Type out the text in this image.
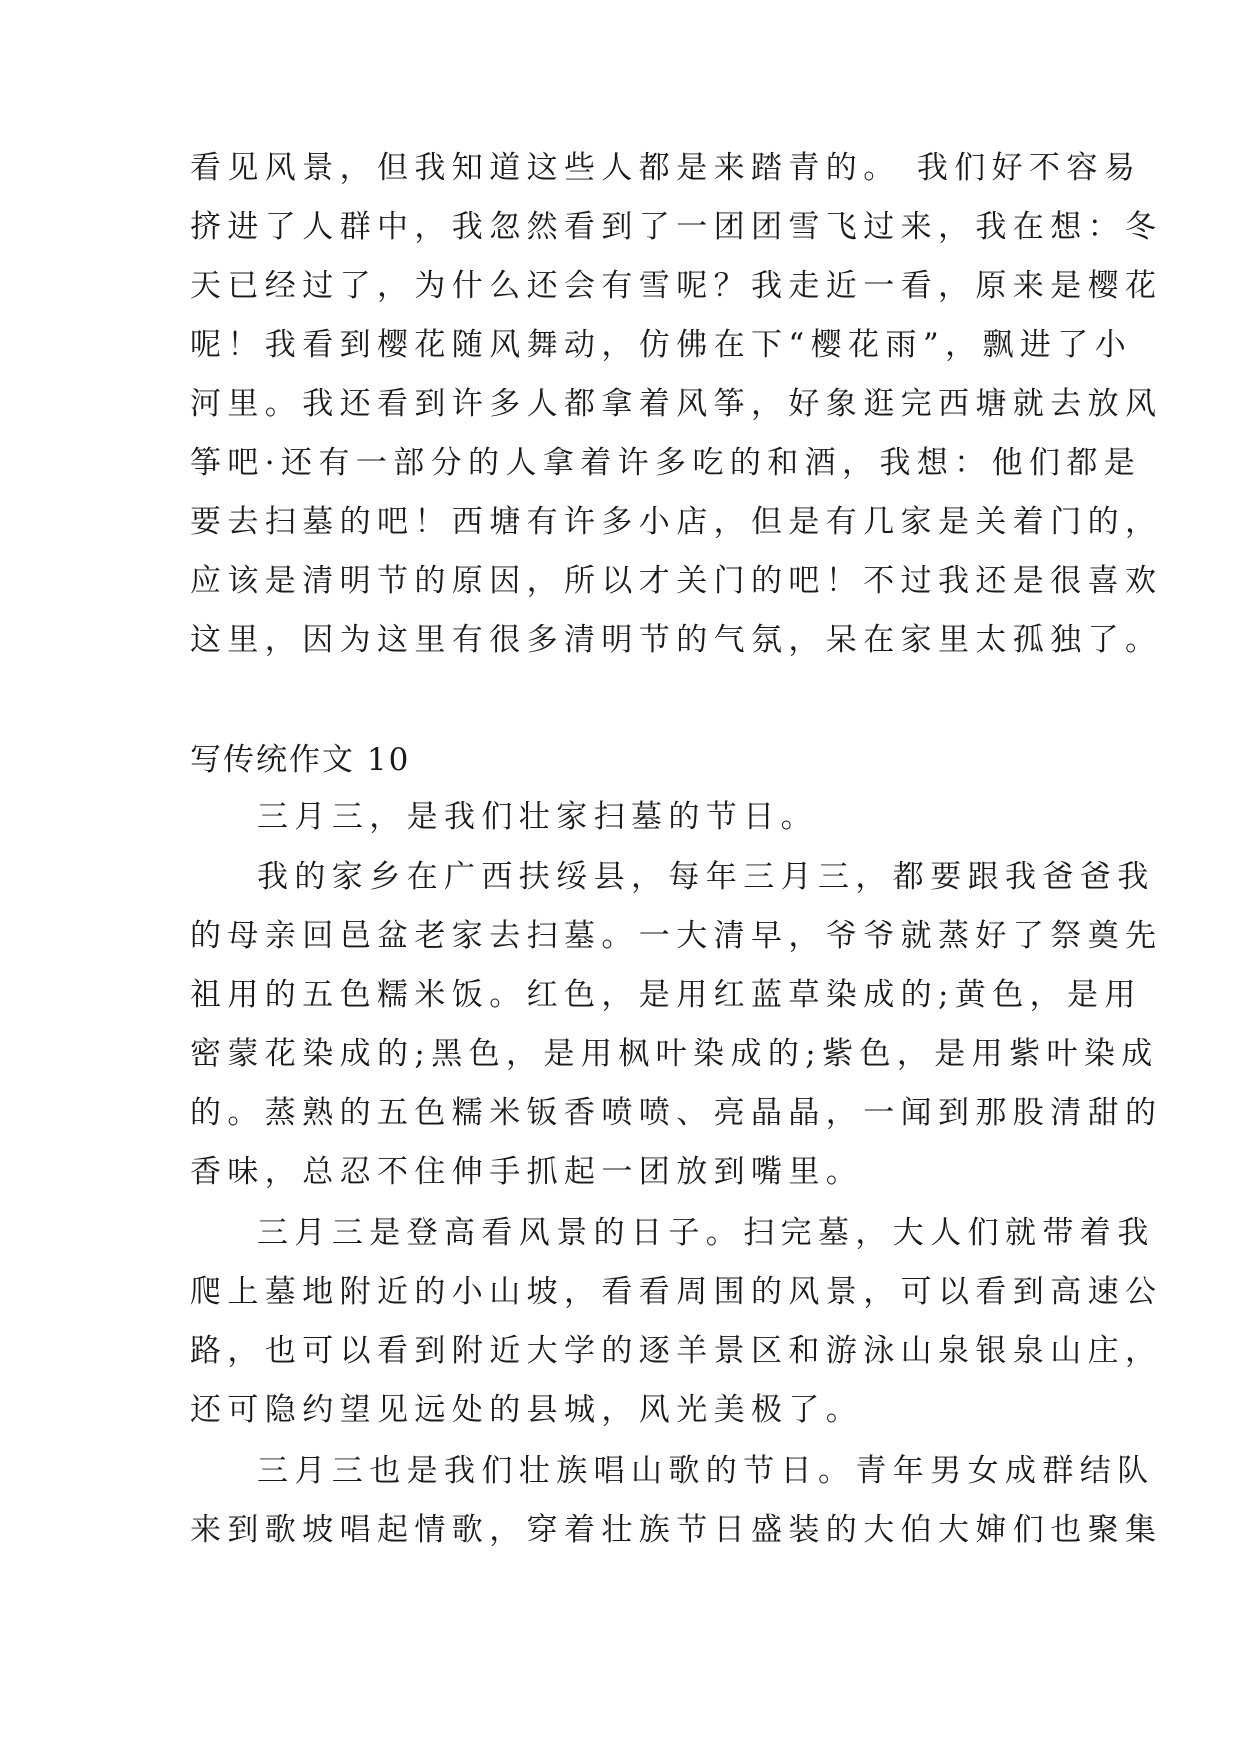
看见风景，但我知道这些人都是来踏青的。 我们好不容易

挤进了人群中，我忽然看到了一团团雪飞过来，我在想：冬

天已经过了，为什么还会有雪呢？我走近一看，原来是樱花

呢！我看到樱花随风舞动，仿佛在下“樱花雨”，飘进了小

河里。我还看到许多人都拿着风筝，好象逛完西塘就去放风

筝吧·还有一部分的人拿着许多吃的和酒，我想：他们都是

要去扫墓的吧！西塘有许多小店，但是有几家是关着门的，

应该是清明节的原因，所以才关门的吧！不过我还是很喜欢

这里，因为这里有很多清明节的气氛，呆在家里太孤独了。

写传统作文 10

三月三，是我们壮家扫墓的节日。

我的家乡在广西扶绥县，每年三月三，都要跟我爸爸我

的母亲回邑盆老家去扫墓。一大清早，爷爷就蒸好了祭奠先

祖用的五色糯米饭。红色，是用红蓝草染成的;黄色，是用

密蒙花染成的;黑色，是用枫叶染成的;紫色，是用紫叶染成

的。蒸熟的五色糯米钣香喷喷、亮晶晶，一闻到那股清甜的

香味，总忍不住伸手抓起一团放到嘴里。

三月三是登高看风景的日子。扫完墓，大人们就带着我

爬上墓地附近的小山坡，看看周围的风景，可以看到高速公

路，也可以看到附近大学的逐羊景区和游泳山泉银泉山庄，

还可隐约望见远处的县城，风光美极了。

三月三也是我们壮族唱山歌的节日。青年男女成群结队

来到歌坡唱起情歌，穿着壮族节日盛装的大伯大婶们也聚集
